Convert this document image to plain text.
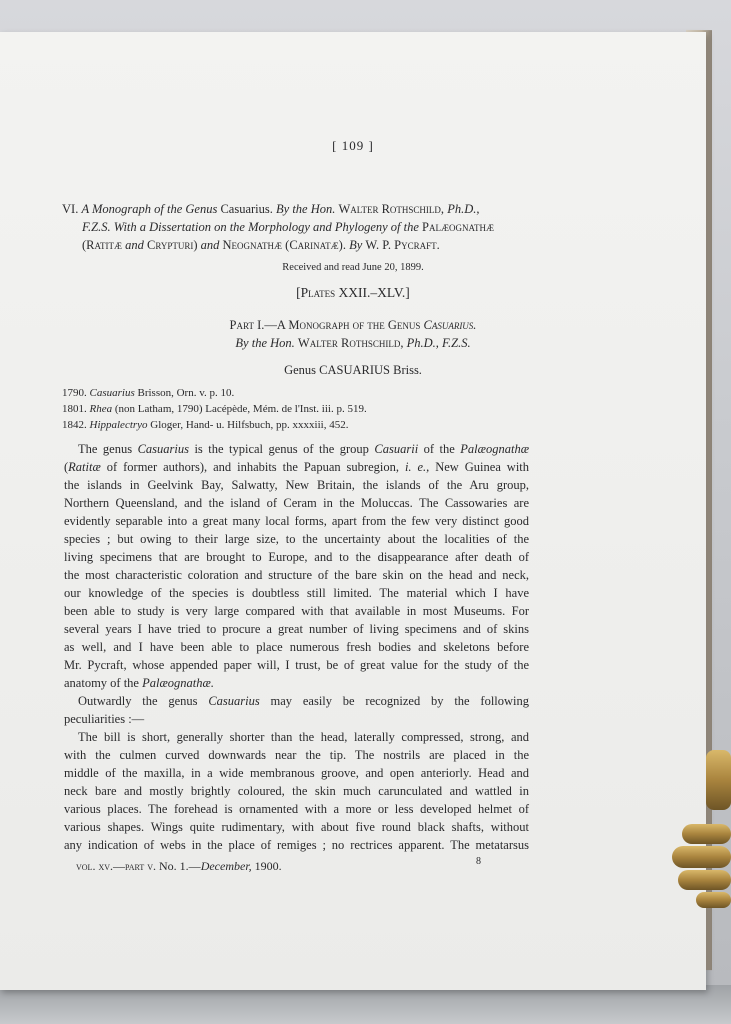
[ 109 ]
VI. A Monograph of the Genus Casuarius. By the Hon. Walter Rothschild, Ph.D.,
F.Z.S. With a Dissertation on the Morphology and Phylogeny of the Palæognathæ
(Ratitæ and Crypturi) and Neognathæ (Carinatæ). By W. P. Pycraft.
Received and read June 20, 1899.
[Plates XXII.–XLV.]
Part I.—A Monograph of the Genus Casuarius.
By the Hon. Walter Rothschild, Ph.D., F.Z.S.
Genus CASUARIUS Briss.
1790. Casuarius Brisson, Orn. v. p. 10.
1801. Rhea (non Latham, 1790) Lacépède, Mém. de l'Inst. iii. p. 519.
1842. Hippalectryo Gloger, Hand- u. Hilfsbuch, pp. xxxxiii, 452.
The genus Casuarius is the typical genus of the group Casuarii of the Palæognathæ
(Ratitæ of former authors), and inhabits the Papuan subregion, i. e., New Guinea with
the islands in Geelvink Bay, Salwatty, New Britain, the islands of the Aru group,
Northern Queensland, and the island of Ceram in the Moluccas. The Cassowaries are
evidently separable into a great many local forms, apart from the few very distinct good
species ; but owing to their large size, to the uncertainty about the localities of the
living specimens that are brought to Europe, and to the disappearance after death of
the most characteristic coloration and structure of the bare skin on the head and neck,
our knowledge of the species is doubtless still limited. The material which I have
been able to study is very large compared with that available in most Museums. For
several years I have tried to procure a great number of living specimens and of skins
as well, and I have been able to place numerous fresh bodies and skeletons before
Mr. Pycraft, whose appended paper will, I trust, be of great value for the study of the
anatomy of the Palæognathæ.
Outwardly the genus Casuarius may easily be recognized by the following
peculiarities :—
The bill is short, generally shorter than the head, laterally compressed, strong, and
with the culmen curved downwards near the tip. The nostrils are placed in the
middle of the maxilla, in a wide membranous groove, and open anteriorly. Head and
neck bare and mostly brightly coloured, the skin much carunculated and wattled in
various places. The forehead is ornamented with a more or less developed helmet of
various shapes. Wings quite rudimentary, with about five round black shafts, without
any indication of webs in the place of remiges ; no rectrices apparent. The metatarsus
vol. xv.—part v. No. 1.—December, 1900.	8
